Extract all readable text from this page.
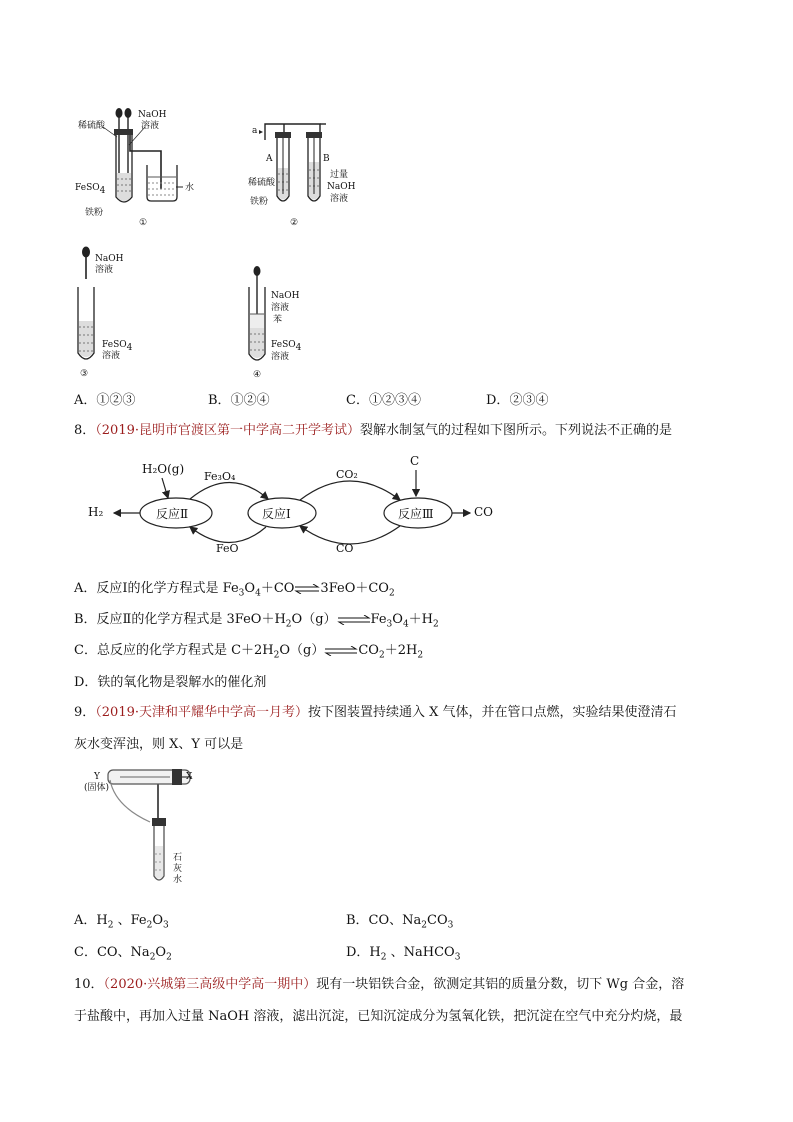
稀硫酸
NaOH
溶液
FeSO$_4$
铁粉
水
①
a
A	B
稀硫酸
铁粉
过量
NaOH
溶液
②
NaOH
溶液
FeSO$_4$
溶液
③
NaOH
溶液
苯
FeSO$_4$
溶液
④
A．①②③	B．①②④	C．①②③④	D．②③④
8．（2019·昆明市官渡区第一中学高二开学考试）裂解水制氢气的过程如下图所示。下列说法不正确的是
H₂O(g)
H₂	反应Ⅱ	反应Ⅰ	反应Ⅲ
Fe₃O₄
FeO
CO₂
CO
C
CO
A．反应Ⅰ的化学方程式是 $Fe_3O_4+CO\rightleftharpoons 3FeO+CO_2$
B．反应Ⅱ的化学方程式是 $3FeO+H_2O(g)\rightleftharpoons Fe_3O_4+H_2$
C．总反应的化学方程式是 $C+2H_2O(g)\rightleftharpoons CO_2+2H_2$
D．铁的氧化物是裂解水的催化剂
9．（2019·天津和平耀华中学高一月考）按下图装置持续通入 X 气体，并在管口点燃，实验结果使澄清石
灰水变浑浊，则 X、Y 可以是
Y
(固体)
X
石
灰
水
A．$H_2$ 、$Fe_2O_3$	B．CO、$Na_2CO_3$
C．CO、$Na_2O_2$	D．$H_2$ 、NaHCO$_3$
10．（2020·兴城第三高级中学高一期中）现有一块铝铁合金，欲测定其铝的质量分数，切下 Wg 合金，溶
于盐酸中，再加入过量 NaOH 溶液，滤出沉淀，已知沉淀成分为氢氧化铁，把沉淀在空气中充分灼烧，最
